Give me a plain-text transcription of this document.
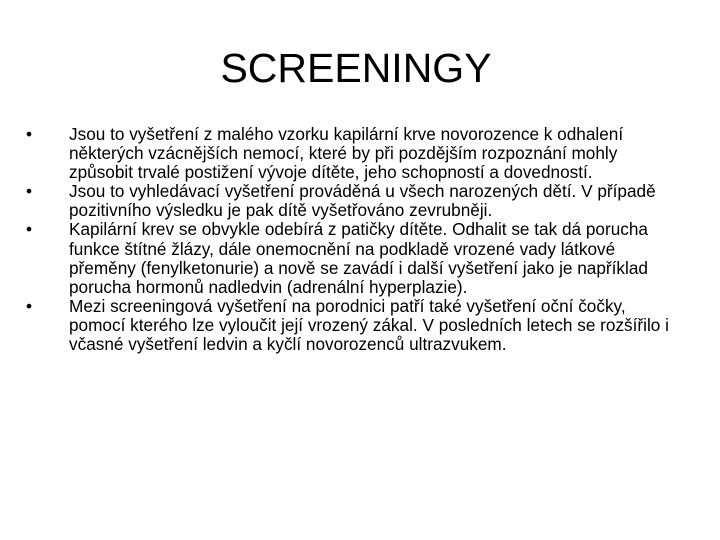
SCREENINGY
•	Jsou to vyšetření z malého vzorku kapilární krve novorozence k odhalení některých vzácnějších nemocí, které by při pozdějším rozpoznání mohly způsobit trvalé postižení vývoje dítěte, jeho schopností a dovedností.
•	Jsou to vyhledávací vyšetření prováděná u všech narozených dětí. V případě pozitivního výsledku je pak dítě vyšetřováno zevrubněji.
•	Kapilární krev se obvykle odebírá z patičky dítěte. Odhalit se tak dá porucha funkce štítné žlázy, dále onemocnění na podkladě vrozené vady látkové přeměny (fenylketonurie) a nově se zavádí i další vyšetření jako je například porucha hormonů nadledvin (adrenální hyperplazie).
•	Mezi screeningová vyšetření na porodnici patří také vyšetření oční čočky, pomocí kterého lze vyloučit její vrozený zákal. V posledních letech se rozšířilo i včasné vyšetření ledvin a kyčlí novorozenců ultrazvukem.
